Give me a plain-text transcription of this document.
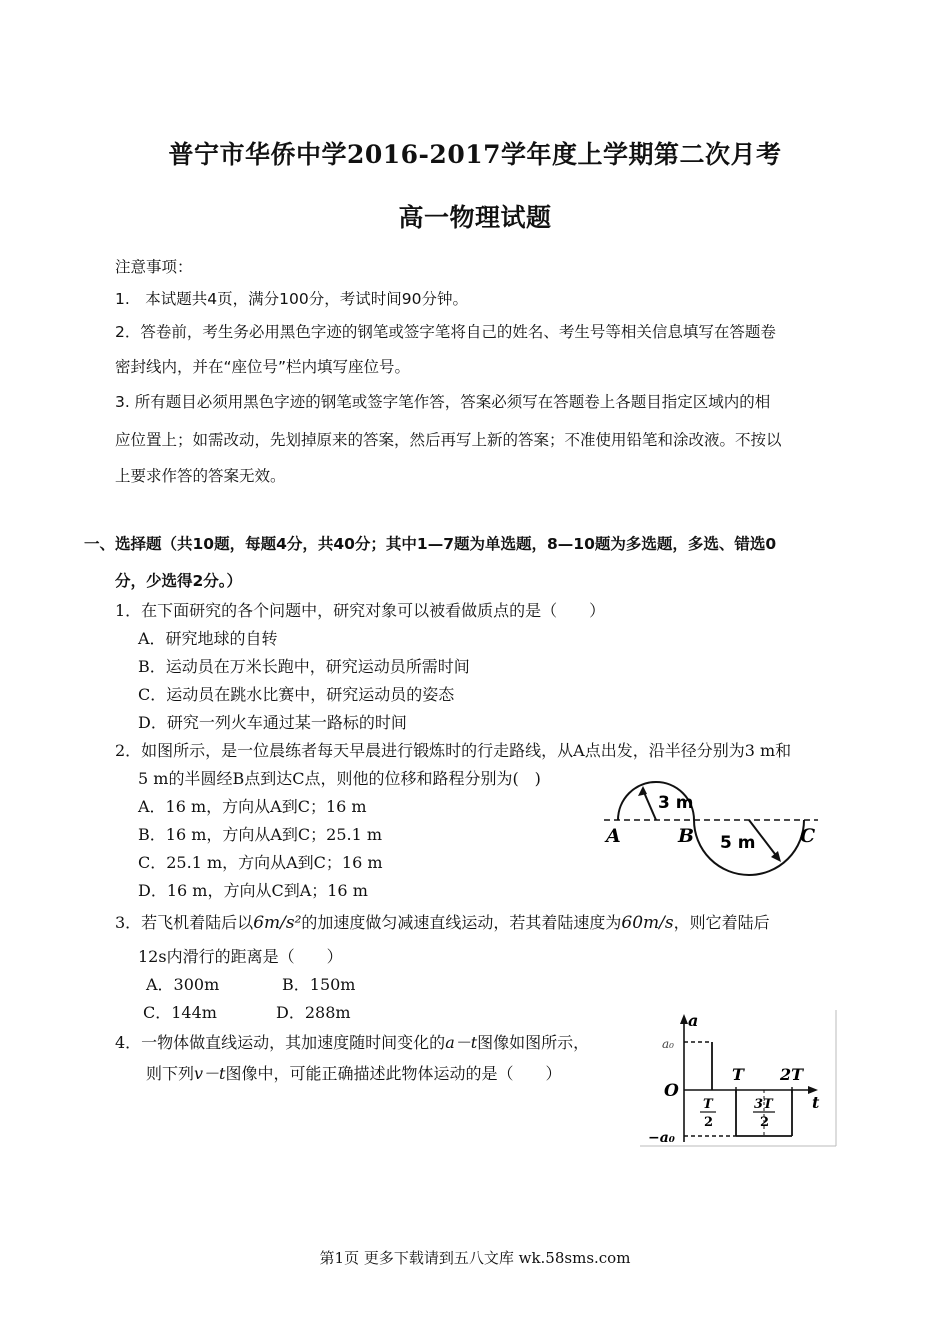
普宁市华侨中学2016-2017学年度上学期第二次月考
高一物理试题
注意事项：
1.　本试题共4页，满分100分，考试时间90分钟。
2．答卷前，考生务必用黑色字迹的钢笔或签字笔将自己的姓名、考生号等相关信息填写在答题卷
密封线内，并在“座位号”栏内填写座位号。
3. 所有题目必须用黑色字迹的钢笔或签字笔作答，答案必须写在答题卷上各题目指定区域内的相
应位置上；如需改动，先划掉原来的答案，然后再写上新的答案；不准使用铅笔和涂改液。不按以
上要求作答的答案无效。
一、选择题（共10题，每题4分，共40分；其中1—7题为单选题，8—10题为多选题，多选、错选0
分，少选得2分。）
1．在下面研究的各个问题中，研究对象可以被看做质点的是（　　）
A．研究地球的自转
B．运动员在万米长跑中，研究运动员所需时间
C．运动员在跳水比赛中，研究运动员的姿态
D．研究一列火车通过某一路标的时间
2．如图所示，是一位晨练者每天早晨进行锻炼时的行走路线，从A点出发，沿半径分别为3 m和
5 m的半圆经B点到达C点，则他的位移和路程分别为(　)
A．16 m，方向从A到C；16 m
B．16 m，方向从A到C；25.1 m
C．25.1 m，方向从A到C；16 m
D．16 m，方向从C到A；16 m
3 m
5 m
A	B	C
3．若飞机着陆后以6m/s²的加速度做匀减速直线运动，若其着陆速度为60m/s，则它着陆后
12s内滑行的距离是（　　）
A．300m	B．150m
C．144m	D．288m
4．一物体做直线运动，其加速度随时间变化的a－t图像如图所示，
则下列v－t图像中，可能正确描述此物体运动的是（　　）
a
t
O
a₀
−a₀
T 2T
T
2
3T
2
第1页 更多下载请到五八文库 wk.58sms.com
